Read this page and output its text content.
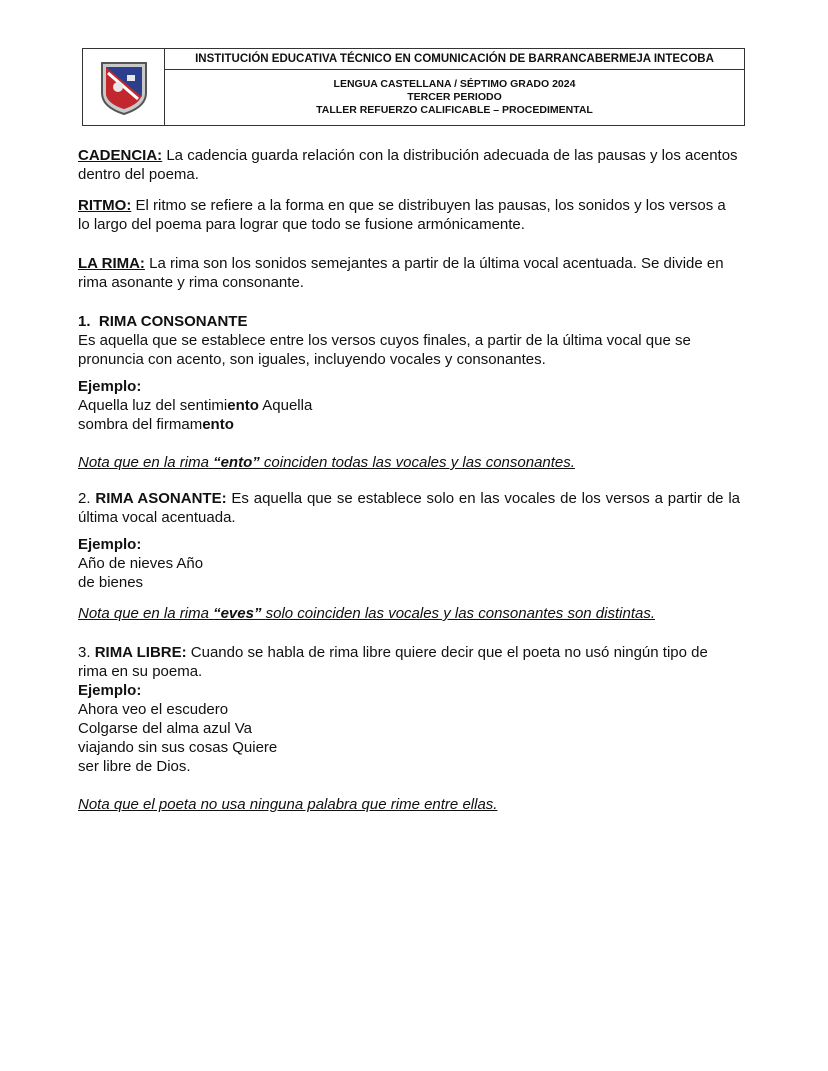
INSTITUCIÓN EDUCATIVA TÉCNICO EN COMUNICACIÓN DE BARRANCABERMEJA INTECOBA
LENGUA CASTELLANA / SÉPTIMO GRADO 2024
TERCER PERIODO
TALLER REFUERZO CALIFICABLE – PROCEDIMENTAL

CADENCIA: La cadencia guarda relación con la distribución adecuada de las pausas y los acentos dentro del poema.

RITMO: El ritmo se refiere a la forma en que se distribuyen las pausas, los sonidos y los versos a lo largo del poema para lograr que todo se fusione armónicamente.

LA RIMA: La rima son los sonidos semejantes a partir de la última vocal acentuada. Se divide en rima asonante y rima consonante.

1. RIMA CONSONANTE

Es aquella que se establece entre los versos cuyos finales, a partir de la última vocal que se pronuncia con acento, son iguales, incluyendo vocales y consonantes.

Ejemplo:

Aquella luz del sentimiento Aquella

sombra del firmamento

Nota que en la rima “ento” coinciden todas las vocales y las consonantes.

2. RIMA ASONANTE: Es aquella que se establece solo en las vocales de los versos a partir de la última vocal acentuada.

Ejemplo:

Año de nieves Año

de bienes

Nota que en la rima “eves” solo coinciden las vocales y las consonantes son distintas.

3. RIMA LIBRE: Cuando se habla de rima libre quiere decir que el poeta no usó ningún tipo de rima en su poema.

Ejemplo:

Ahora veo el escudero

Colgarse del alma azul Va

viajando sin sus cosas Quiere

ser libre de Dios.

Nota que el poeta no usa ninguna palabra que rime entre ellas.
